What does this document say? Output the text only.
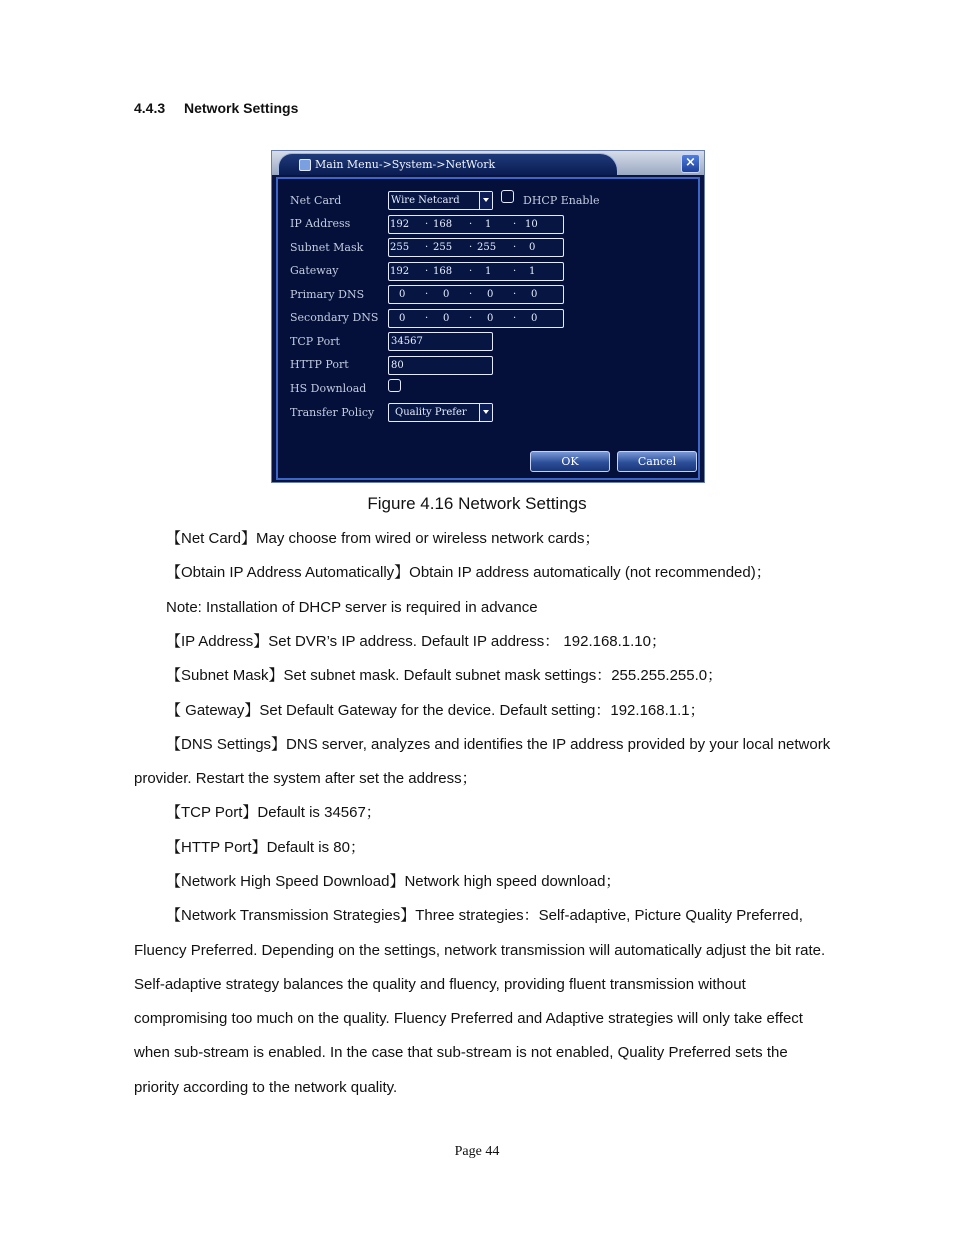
4.4.3 Network Settings
Main Menu->System->NetWork	×
Net Card	Wire Netcard	DHCP Enable
IP Address	192 · 168 · 1 · 10
Subnet Mask	255 · 255 · 255 · 0
Gateway	192 · 168 · 1 · 1
Primary DNS	0 · 0 · 0 · 0
Secondary DNS 0 · 0 · 0 · 0
TCP Port	34567
HTTP Port	80
HS Download
Transfer Policy Quality Prefer
OK	Cancel
Figure 4.16 Network Settings
【Net Card】May choose from wired or wireless network cards；
【Obtain IP Address Automatically】Obtain IP address automatically (not recommended)；
Note: Installation of DHCP server is required in advance
【IP Address】Set DVR’s IP address. Default IP address： 192.168.1.10；
【Subnet Mask】Set subnet mask. Default subnet mask settings：255.255.255.0；
【 Gateway】Set Default Gateway for the device. Default setting：192.168.1.1；
【DNS Settings】DNS server, analyzes and identifies the IP address provided by your local network
provider. Restart the system after set the address；
【TCP Port】Default is 34567；
【HTTP Port】Default is 80；
【Network High Speed Download】Network high speed download；
【Network Transmission Strategies】Three strategies：Self-adaptive, Picture Quality Preferred,
Fluency Preferred. Depending on the settings, network transmission will automatically adjust the bit rate.
Self-adaptive strategy balances the quality and fluency, providing fluent transmission without
compromising too much on the quality. Fluency Preferred and Adaptive strategies will only take effect
when sub-stream is enabled. In the case that sub-stream is not enabled, Quality Preferred sets the
priority according to the network quality.
Page 44
